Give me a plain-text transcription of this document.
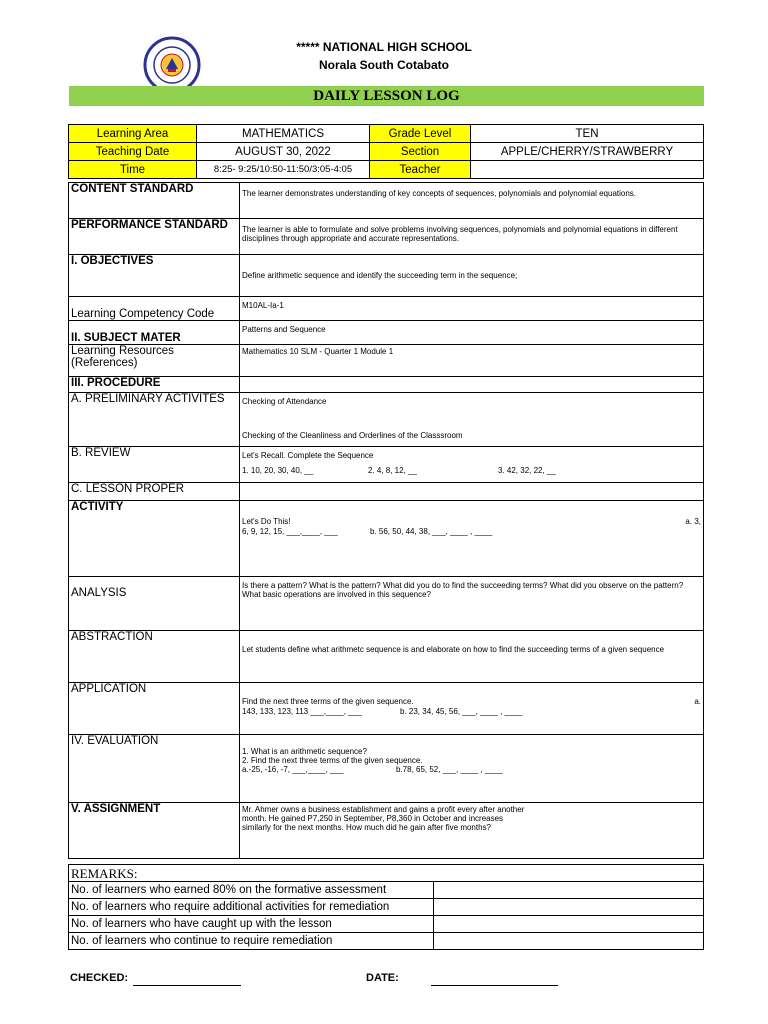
***** NATIONAL HIGH SCHOOL
Norala South Cotabato
DAILY LESSON LOG
Learning Area	MATHEMATICS	Grade Level	TEN
Teaching Date	AUGUST 30, 2022	Section	APPLE/CHERRY/STRAWBERRY
Time	8:25- 9:25/10:50-11:50/3:05-4:05	Teacher	
CONTENT STANDARD	The learner demonstrates understanding of key concepts of sequences, polynomials and polynomial equations.
PERFORMANCE STANDARD	The learner is able to formulate and solve problems involving sequences, polynomials and polynomial equations in different disciplines through appropriate and accurate representations.
I. OBJECTIVES	Define arithmetic sequence and identify the succeeding term in the sequence;
Learning Competency Code	M10AL-Ia-1
II. SUBJECT MATER	Patterns and Sequence
Learning Resources (References)	Mathematics 10 SLM - Quarter 1 Module 1
III. PROCEDURE	
A. PRELIMINARY ACTIVITES	Checking of Attendance
Checking of the Cleanliness and Orderlines of the Classsroom

B. REVIEW	Let's Recall. Complete the Sequence
1. 10, 20, 30, 40, __ 2. 4, 8, 12, __ 3. 42, 32, 22, __

C. LESSON PROPER	
ACTIVITY	Let's Do This! a. 3,
6, 9, 12, 15, ___,____, ___ b. 56, 50, 44, 38, ___, ____ , ____

ANALYSIS	Is there a pattern? What is the pattern? What did you do to find the succeeding terms? What did you observe on the pattern? What basic operations are involved in this sequence?
ABSTRACTION	Let students define what arithmetc sequence is and elaborate on how to find the succeeding terms of a given sequence
APPLICATION	Find the next three terms of the given sequence. a.
143, 133, 123, 113 ___,____, ___ b. 23, 34, 45, 56, ___, ____ , ____

IV. EVALUATION	1. What is an arithmetic sequence?
2. Find the next three terms of the given sequence.
a.-25, -16, -7, ___,____, ___ b.78, 65, 52, ___, ____ , ____

V. ASSIGNMENT	Mr. Ahmer owns a business establishment and gains a profit every after another
month. He gained P7,250 in September, P8,360 in October and increases
similarly for the next months. How much did he gain after five months?
REMARKS:
No. of learners who earned 80% on the formative assessment	
No. of learners who require additional activities for remediation	
No. of learners who have caught up with the lesson	
No. of learners who continue to require remediation	
CHECKED:	DATE:
